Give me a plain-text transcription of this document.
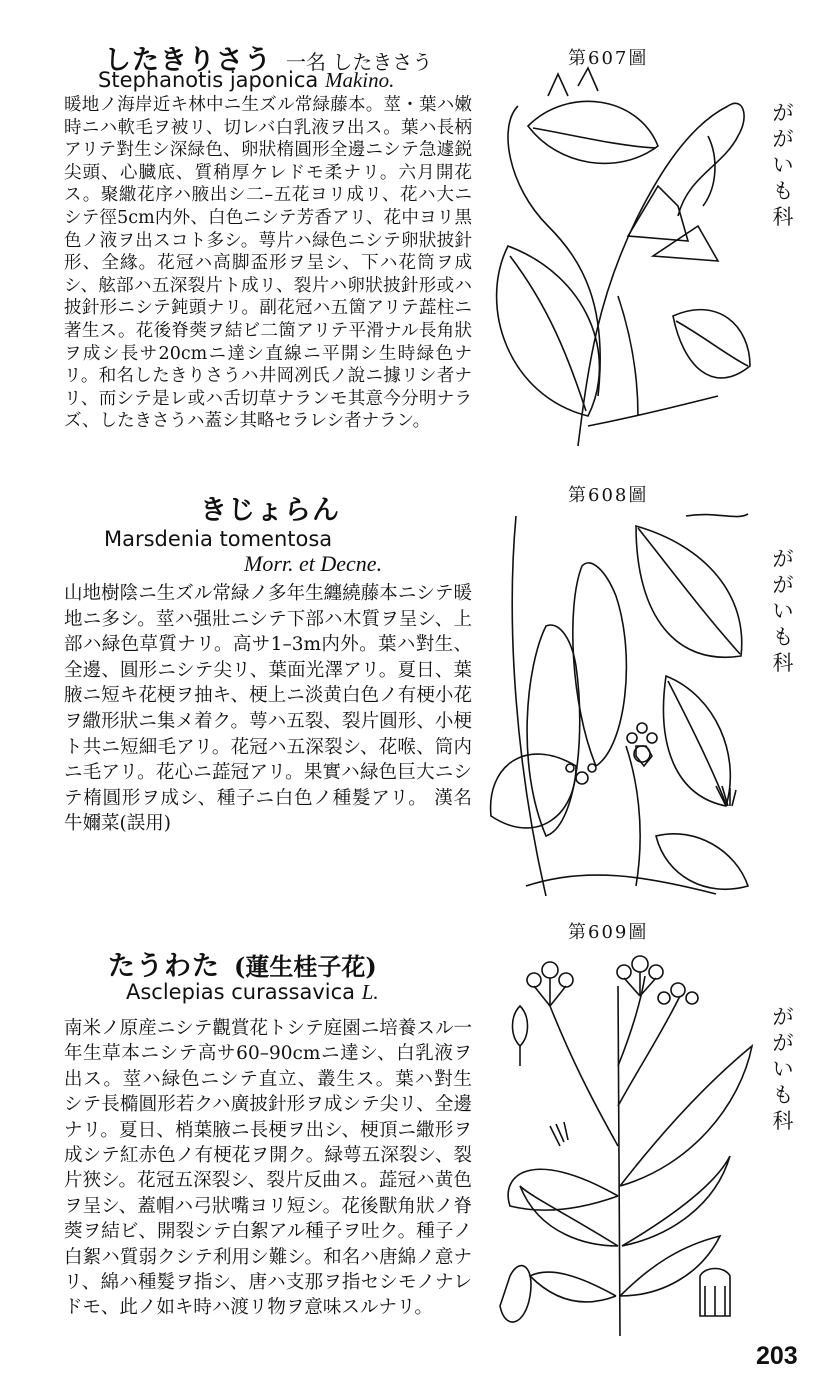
したきりさう 一名 したきさう
Stephanotis japonica Makino.
暖地ノ海岸近キ林中ニ生ズル常緑藤本。莖・葉ハ嫩時ニハ軟毛ヲ被リ、切レバ白乳液ヲ出ス。葉ハ長柄アリテ對生シ深緑色、卵狀楕圓形全邊ニシテ急遽鋭尖頭、心臓底、質稍厚ケレドモ柔ナリ。六月開花ス。聚繖花序ハ腋出シ二–五花ヨリ成リ、花ハ大ニシテ徑5cm内外、白色ニシテ芳香アリ、花中ヨリ黒色ノ液ヲ出スコト多シ。萼片ハ緑色ニシテ卵狀披針形、全緣。花冠ハ高脚盃形ヲ呈シ、下ハ花筒ヲ成シ、舷部ハ五深裂片ト成リ、裂片ハ卵狀披針形或ハ披針形ニシテ鈍頭ナリ。副花冠ハ五箇アリテ蕋柱ニ著生ス。花後脊葖ヲ結ビ二箇アリテ平滑ナル長角狀ヲ成シ長サ20cmニ達シ直線ニ平開シ生時緑色ナリ。和名したきりさうハ井岡冽氏ノ說ニ據リシ者ナリ、而シテ是レ或ハ舌切草ナランモ其意今分明ナラズ、したきさうハ蓋シ其略セラレシ者ナラン。
第607圖
ががいも科
きじょらん
Marsdenia tomentosa
Morr. et Decne.
山地樹陰ニ生ズル常緑ノ多年生纏繞藤本ニシテ暖地ニ多シ。莖ハ强壯ニシテ下部ハ木質ヲ呈シ、上部ハ緑色草質ナリ。高サ1–3m内外。葉ハ對生、全邊、圓形ニシテ尖リ、葉面光澤アリ。夏日、葉腋ニ短キ花梗ヲ抽キ、梗上ニ淡黄白色ノ有梗小花ヲ繖形狀ニ集メ着ク。萼ハ五裂、裂片圓形、小梗ト共ニ短細毛アリ。花冠ハ五深裂シ、花喉、筒内ニ毛アリ。花心ニ蕋冠アリ。果實ハ緑色巨大ニシテ楕圓形ヲ成シ、種子ニ白色ノ種髮アリ。 漢名 牛嬭菜(誤用)
第608圖
ががいも科
たうわた (蓮生桂子花)
Asclepias curassavica L.
南米ノ原産ニシテ觀賞花トシテ庭園ニ培養スル一年生草本ニシテ高サ60–90cmニ達シ、白乳液ヲ出ス。莖ハ緑色ニシテ直立、叢生ス。葉ハ對生シテ長橢圓形若クハ廣披針形ヲ成シテ尖リ、全邊ナリ。夏日、梢葉腋ニ長梗ヲ出シ、梗頂ニ繖形ヲ成シテ紅赤色ノ有梗花ヲ開ク。緑萼五深裂シ、裂片狹シ。花冠五深裂シ、裂片反曲ス。蕋冠ハ黄色ヲ呈シ、蓋帽ハ弓狀嘴ヨリ短シ。花後獸角狀ノ脊葖ヲ結ビ、開裂シテ白絮アル種子ヲ吐ク。種子ノ白絮ハ質弱クシテ利用シ難シ。和名ハ唐綿ノ意ナリ、綿ハ種髮ヲ指シ、唐ハ支那ヲ指セシモノナレドモ、此ノ如キ時ハ渡リ物ヲ意味スルナリ。
第609圖
ががいも科
203
